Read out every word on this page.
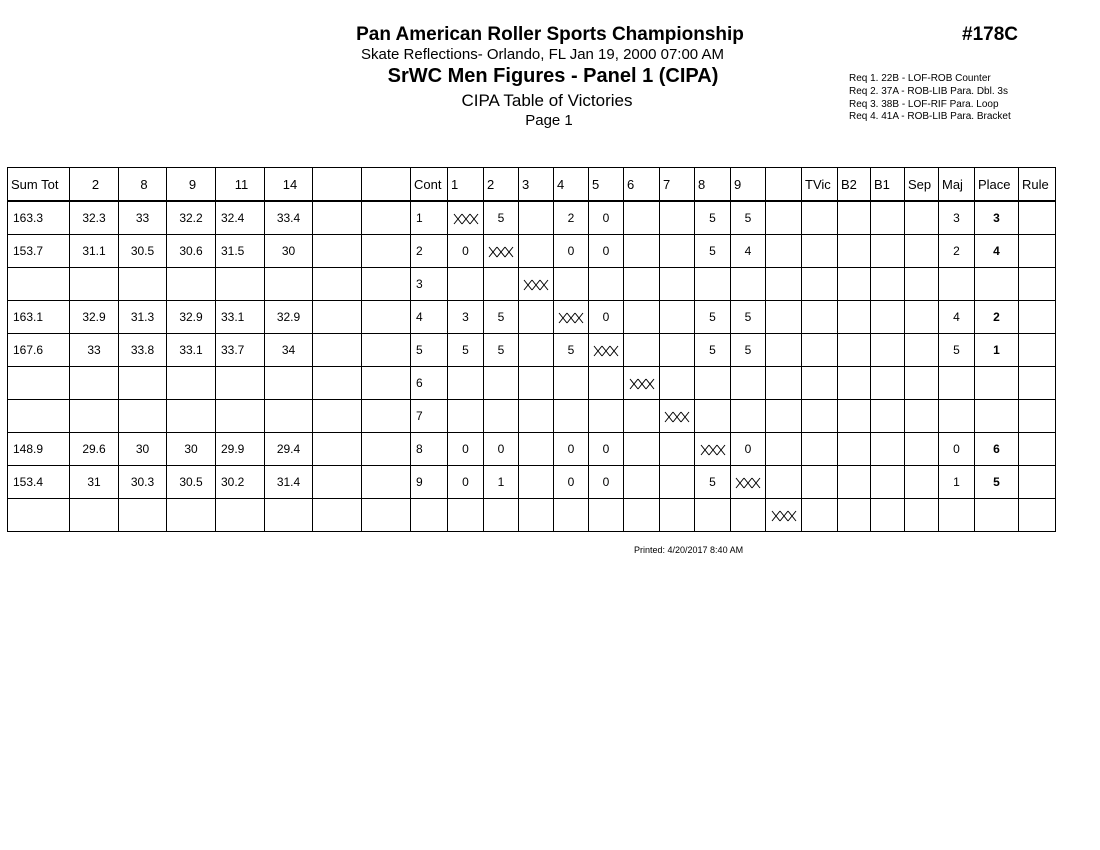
Pan American Roller Sports Championship	#178C
Skate Reflections- Orlando, FL Jan 19, 2000 07:00 AM
SrWC Men Figures - Panel 1 (CIPA)
CIPA Table of Victories
Page 1
Req 1. 22B - LOF-ROB Counter
Req 2. 37A - ROB-LIB Para. Dbl. 3s
Req 3. 38B - LOF-RIF Para. Loop
Req 4. 41A - ROB-LIB Para. Bracket
Sum Tot	2	8	9	11	14			Cont	1	2	3	4	5	6	7	8	9		TVic	B2	B1	Sep	Maj	Place	Rule
163.3	32.3	33	32.2	32.4	33.4			1		5		2	0			5	5						3	3	
153.7	31.1	30.5	30.6	31.5	30			2	0			0	0			5	4						2	4	
								3																	
163.1	32.9	31.3	32.9	33.1	32.9			4	3	5			0			5	5						4	2	
167.6	33	33.8	33.1	33.7	34			5	5	5		5				5	5						5	1	
								6																	
								7																	
148.9	29.6	30	30	29.9	29.4			8	0	0		0	0				0						0	6	
153.4	31	30.3	30.5	30.2	31.4			9	0	1		0	0			5							1	5	

Printed: 4/20/2017 8:40 AM
